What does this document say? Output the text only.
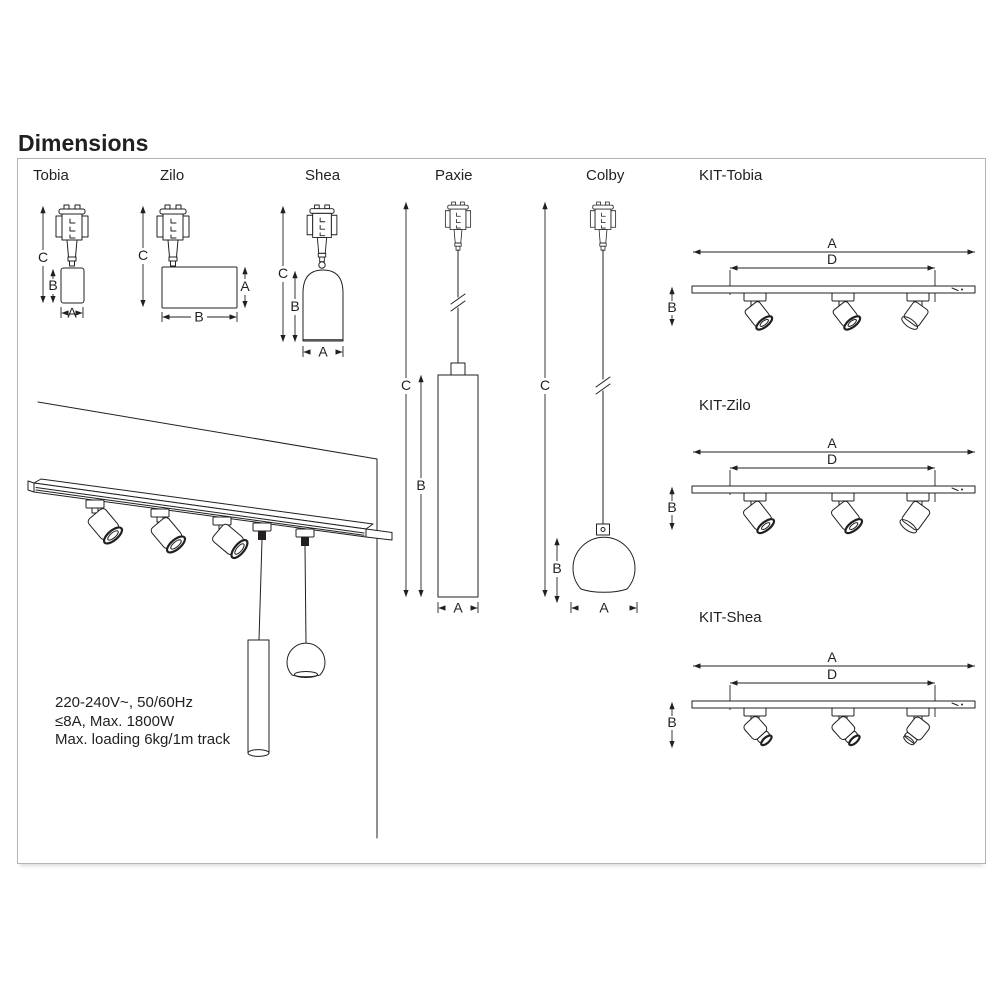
Dimensions
Tobia	Zilo	Shea	Paxie	Colby	KIT-Tobia
KIT-Zilo
KIT-Shea
220-240V~, 50/60Hz
≤8A, Max. 1800W
Max. loading 6kg/1m track
C
B
A
C
A
B
C
B
A
C
B
A
C
B
A
A
D
B
A
D
B
A
D
B
